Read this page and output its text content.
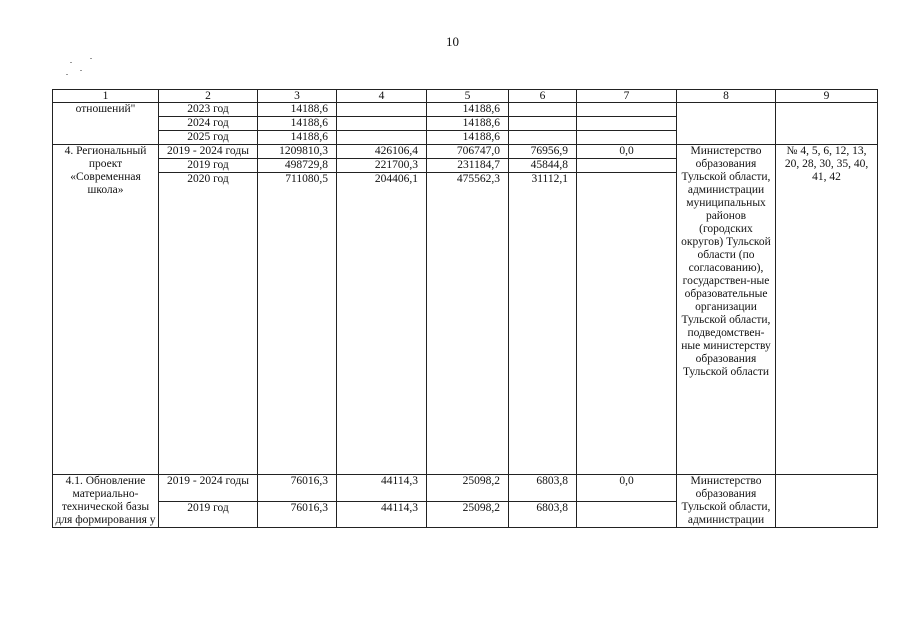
10
1	2	3	4	5	6	7	8	9
отношений"	2023 год	14188,6		14188,6				
	2024 год	14188,6		14188,6				
	2025 год	14188,6		14188,6				
4. Региональный проект «Современная школа»	2019 - 2024 годы	1209810,3	426106,4	706747,0	76956,9	0,0	Министерство образования Тульской области, администрации муниципальных районов (городских округов) Тульской области (по согласованию), государствен-ные образовательные организации Тульской области, подведомствен-ные министерству образования Тульской области	№ 4, 5, 6, 12, 13, 20, 28, 30, 35, 40, 41, 42
	2019 год	498729,8	221700,3	231184,7	45844,8			
	2020 год	711080,5	204406,1	475562,3	31112,1			
4.1. Обновление материально-технической базы для формирования у	2019 - 2024 годы	76016,3	44114,3	25098,2	6803,8	0,0	Министерство образования Тульской области, администрации	
	2019 год	76016,3	44114,3	25098,2	6803,8			
